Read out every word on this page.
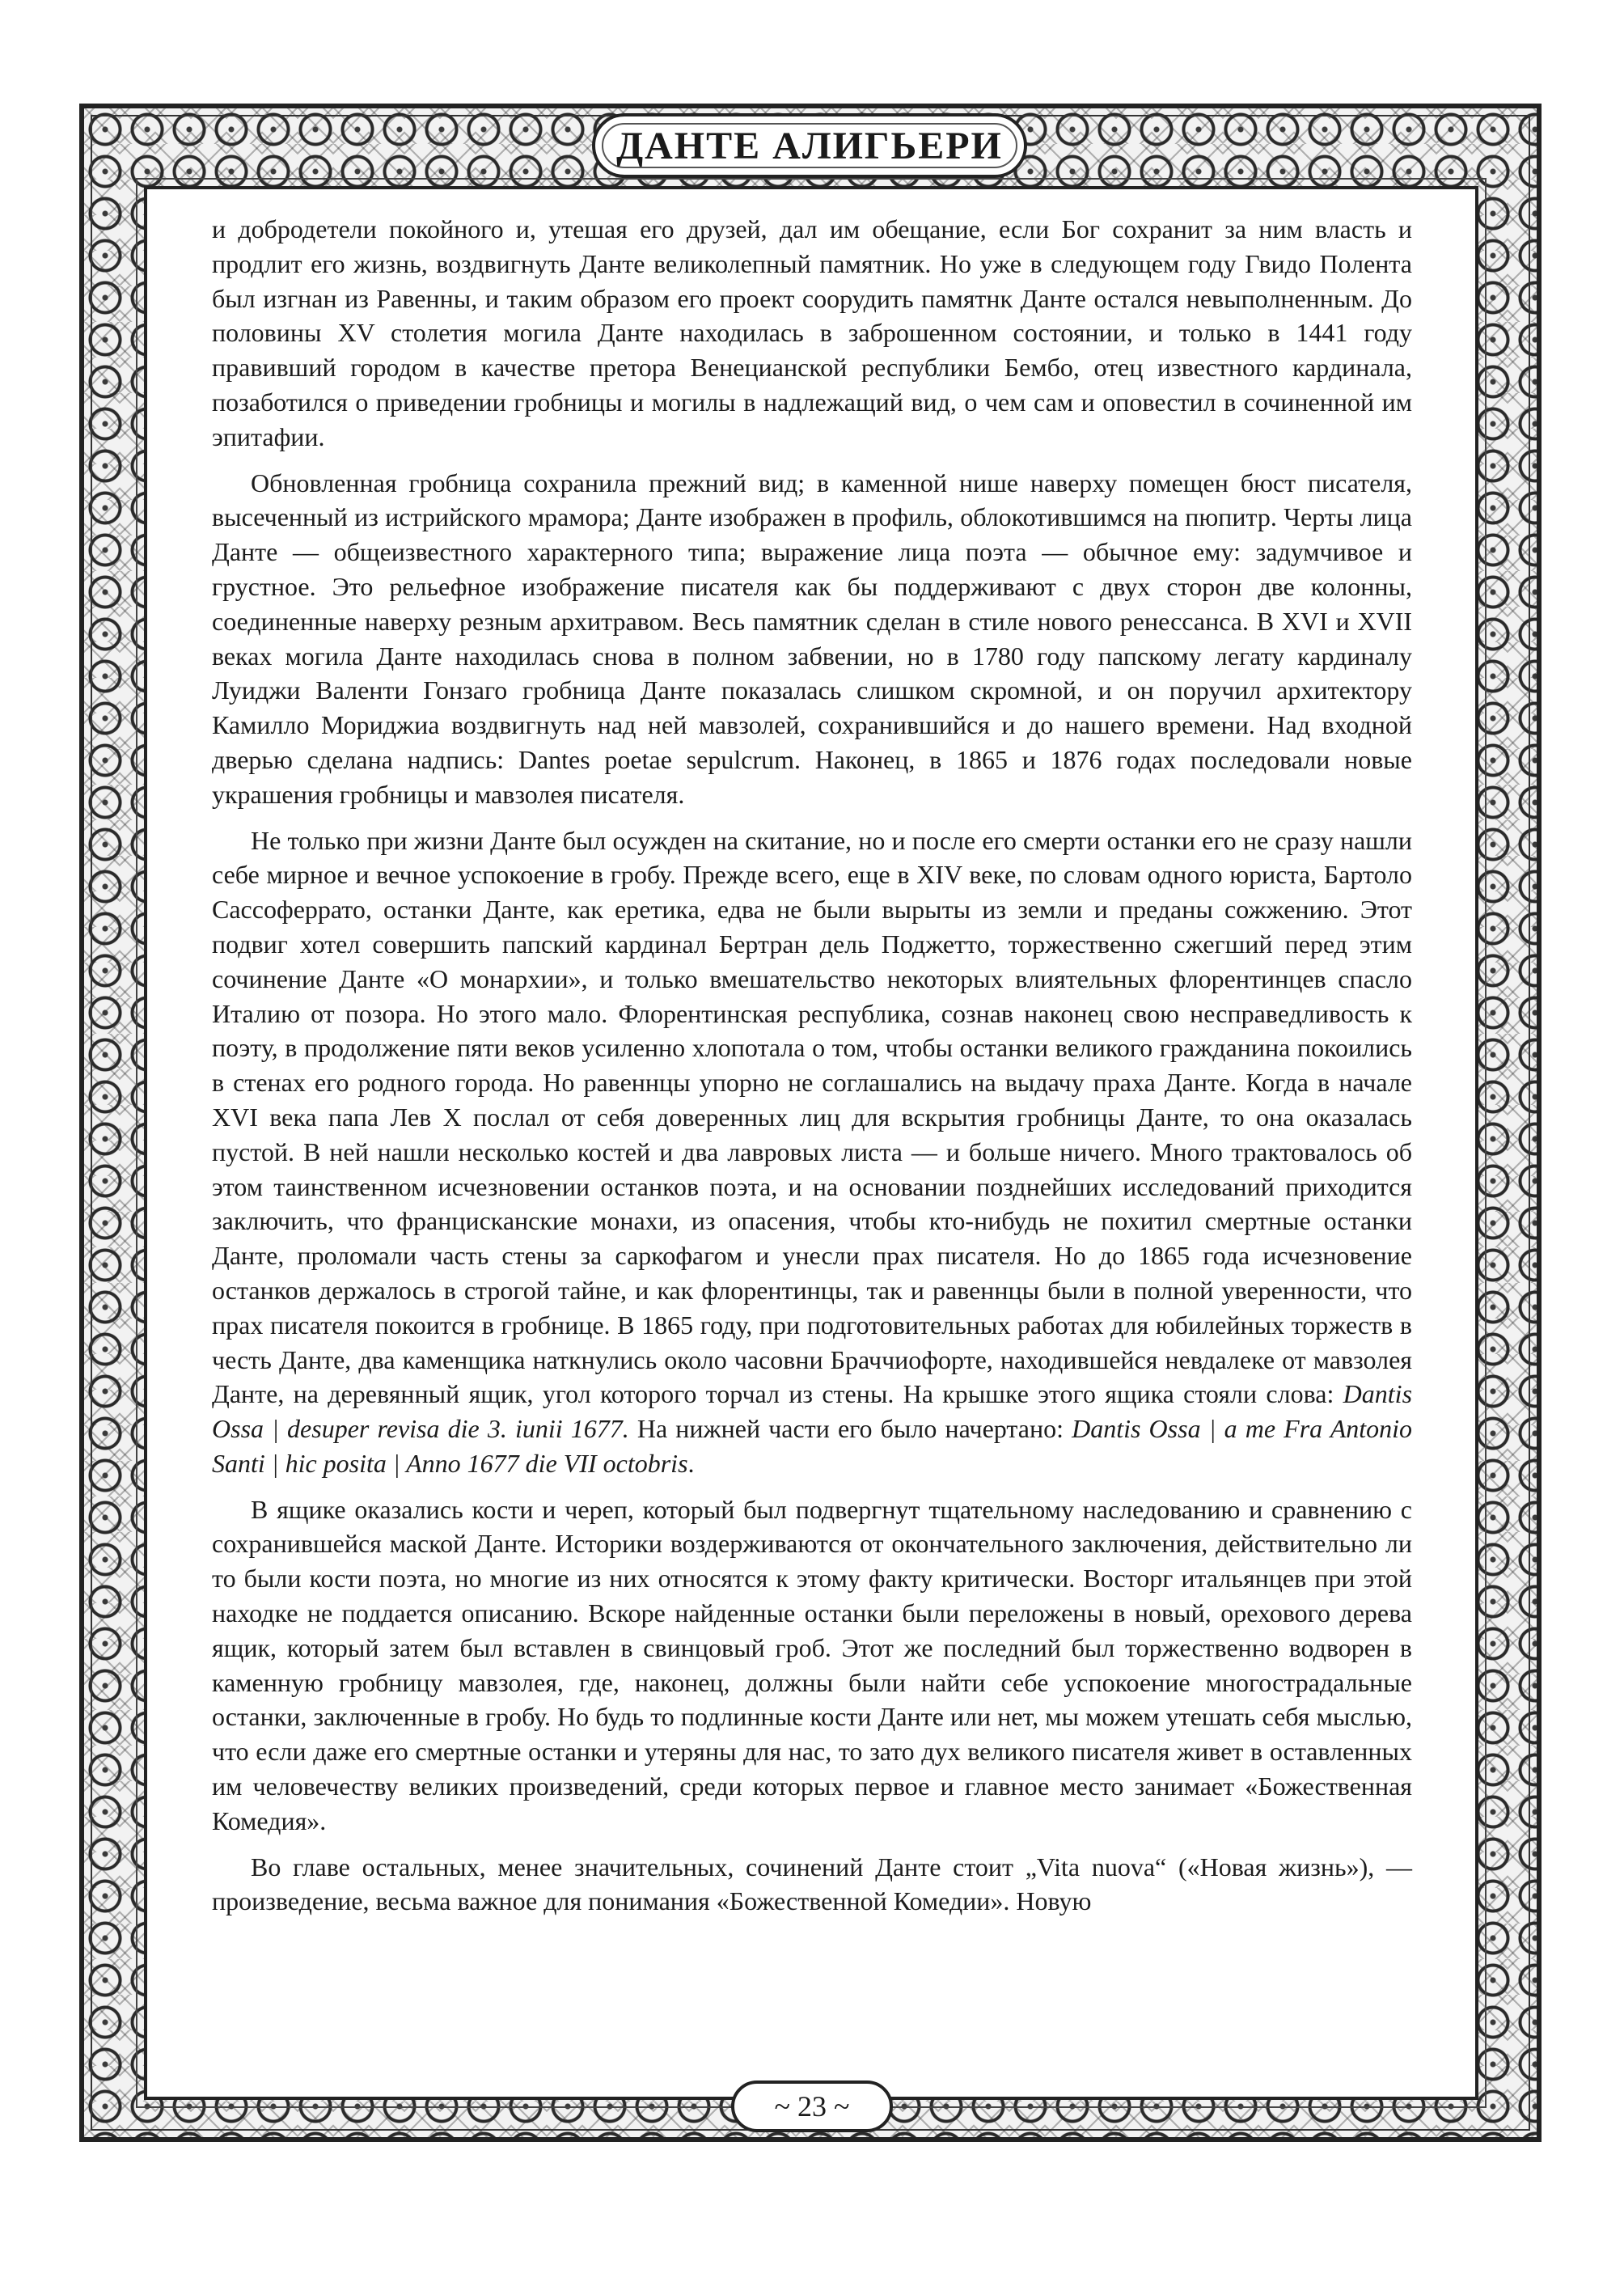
ДАНТЕ АЛИГЬЕРИ

и добродетели покойного и, утешая его друзей, дал им обещание, если Бог сохранит за ним власть и продлит его жизнь, воздвигнуть Данте великолепный памятник. Но уже в следующем году Гвидо Полента был изгнан из Равенны, и таким образом его проект соорудить памятнк Данте остался невыполненным. До половины XV столетия могила Данте находилась в заброшенном состоянии, и только в 1441 году правивший городом в качестве претора Венецианской республики Бембо, отец известного кардинала, позаботился о приведении гробницы и могилы в надлежащий вид, о чем сам и оповестил в сочиненной им эпитафии.

Обновленная гробница сохранила прежний вид; в каменной нише наверху помещен бюст писателя, высеченный из истрийского мрамора; Данте изображен в профиль, облокотившимся на пюпитр. Черты лица Данте — общеизвестного характерного типа; выражение лица поэта — обычное ему: задумчивое и грустное. Это рельефное изображение писателя как бы поддерживают с двух сторон две колонны, соединенные наверху резным архитравом. Весь памятник сделан в стиле нового ренессанса. В XVI и XVII веках могила Данте находилась снова в полном забвении, но в 1780 году папскому легату кардиналу Луиджи Валенти Гонзаго гробница Данте показалась слишком скромной, и он поручил архитектору Камилло Мориджиа воздвигнуть над ней мавзолей, сохранившийся и до нашего времени. Над входной дверью сделана надпись: Dantes poetae sepulcrum. Наконец, в 1865 и 1876 годах последовали новые украшения гробницы и мавзолея писателя.

Не только при жизни Данте был осужден на скитание, но и после его смерти останки его не сразу нашли себе мирное и вечное успокоение в гробу. Прежде всего, еще в XIV веке, по словам одного юриста, Бартоло Сассоферрато, останки Данте, как еретика, едва не были вырыты из земли и преданы сожжению. Этот подвиг хотел совершить папский кардинал Бертран дель Поджетто, торжественно сжегший перед этим сочинение Данте «О монархии», и только вмешательство некоторых влиятельных флорентинцев спасло Италию от позора. Но этого мало. Флорентинская республика, сознав наконец свою несправедливость к поэту, в продолжение пяти веков усиленно хлопотала о том, чтобы останки великого гражданина покоились в стенах его родного города. Но равеннцы упорно не соглашались на выдачу праха Данте. Когда в начале XVI века папа Лев X послал от себя доверенных лиц для вскрытия гробницы Данте, то она оказалась пустой. В ней нашли несколько костей и два лавровых листа — и больше ничего. Много трактовалось об этом таинственном исчезновении останков поэта, и на основании позднейших исследований приходится заключить, что францисканские монахи, из опасения, чтобы кто-нибудь не похитил смертные останки Данте, проломали часть стены за саркофагом и унесли прах писателя. Но до 1865 года исчезновение останков держалось в строгой тайне, и как флорентинцы, так и равеннцы были в полной уверенности, что прах писателя покоится в гробнице. В 1865 году, при подготовительных работах для юбилейных торжеств в честь Данте, два каменщика наткнулись около часовни Браччиофорте, находившейся невдалеке от мавзолея Данте, на деревянный ящик, угол которого торчал из стены. На крышке этого ящика стояли слова: Dantis Ossa | desuper revisa die 3. iunii 1677. На нижней части его было начертано: Dantis Ossa | a me Fra Antonio Santi | hic posita | Anno 1677 die VII octobris.

В ящике оказались кости и череп, который был подвергнут тщательному наследованию и сравнению с сохранившейся маской Данте. Историки воздерживаются от окончательного заключения, действительно ли то были кости поэта, но многие из них относятся к этому факту критически. Восторг итальянцев при этой находке не поддается описанию. Вскоре найденные останки были переложены в новый, орехового дерева ящик, который затем был вставлен в свинцовый гроб. Этот же последний был торжественно водворен в каменную гробницу мавзолея, где, наконец, должны были найти себе успокоение многострадальные останки, заключенные в гробу. Но будь то подлинные кости Данте или нет, мы можем утешать себя мыслью, что если даже его смертные останки и утеряны для нас, то зато дух великого писателя живет в оставленных им человечеству великих произведений, среди которых первое и главное место занимает «Божественная Комедия».

Во главе остальных, менее значительных, сочинений Данте стоит „Vita nuova“ («Новая жизнь»), — произведение, весьма важное для понимания «Божественной Комедии». Новую

~ 23 ~
